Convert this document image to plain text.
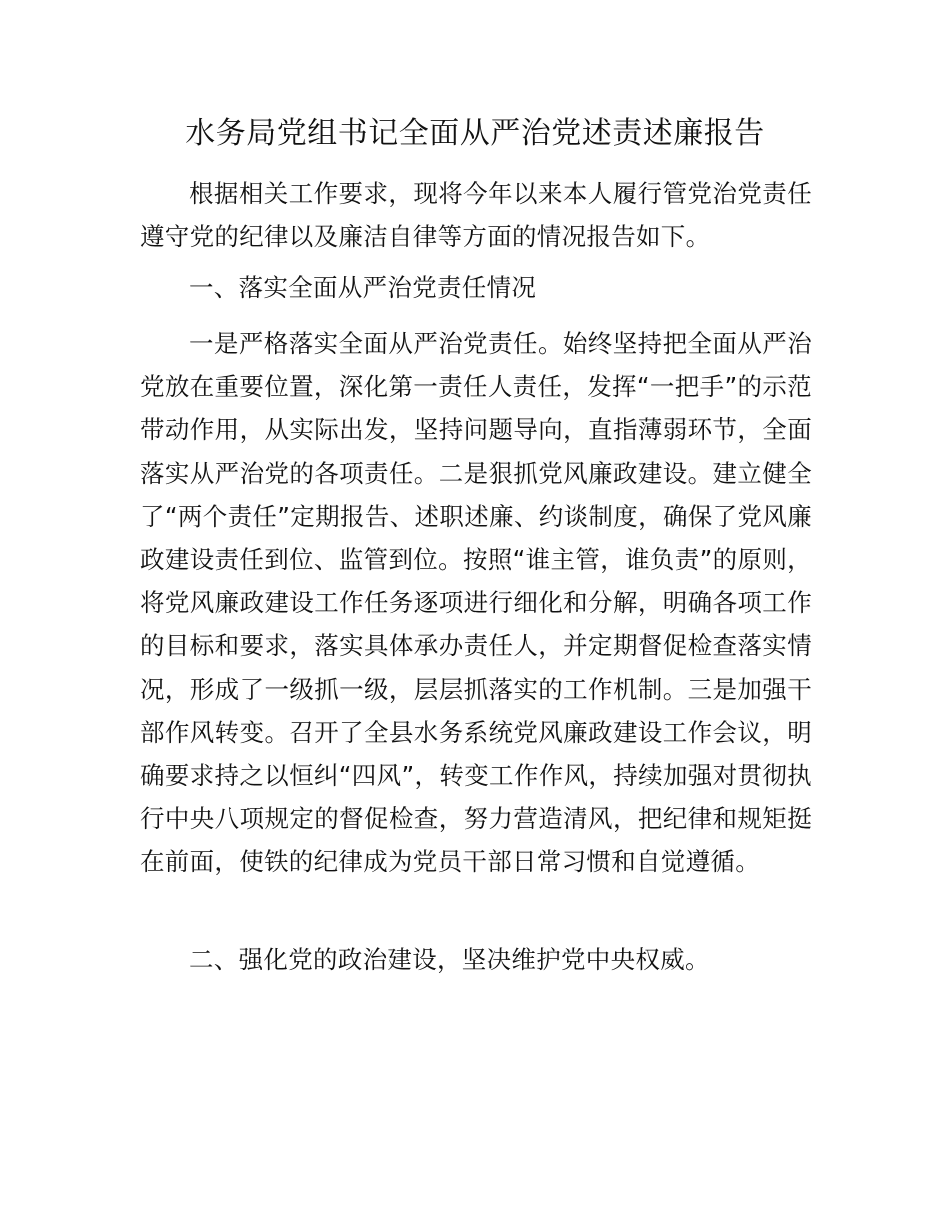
水务局党组书记全面从严治党述责述廉报告

根据相关工作要求，现将今年以来本人履行管党治党责任遵守党的纪律以及廉洁自律等方面的情况报告如下。

一、落实全面从严治党责任情况

一是严格落实全面从严治党责任。始终坚持把全面从严治党放在重要位置，深化第一责任人责任，发挥“一把手”的示范带动作用，从实际出发，坚持问题导向，直指薄弱环节，全面落实从严治党的各项责任。二是狠抓党风廉政建设。建立健全了“两个责任”定期报告、述职述廉、约谈制度，确保了党风廉政建设责任到位、监管到位。按照“谁主管，谁负责”的原则，将党风廉政建设工作任务逐项进行细化和分解，明确各项工作的目标和要求，落实具体承办责任人，并定期督促检查落实情况，形成了一级抓一级，层层抓落实的工作机制。三是加强干部作风转变。召开了全县水务系统党风廉政建设工作会议，明确要求持之以恒纠“四风”，转变工作作风，持续加强对贯彻执行中央八项规定的督促检查，努力营造清风，把纪律和规矩挺在前面，使铁的纪律成为党员干部日常习惯和自觉遵循。

二、强化党的政治建设，坚决维护党中央权威。
